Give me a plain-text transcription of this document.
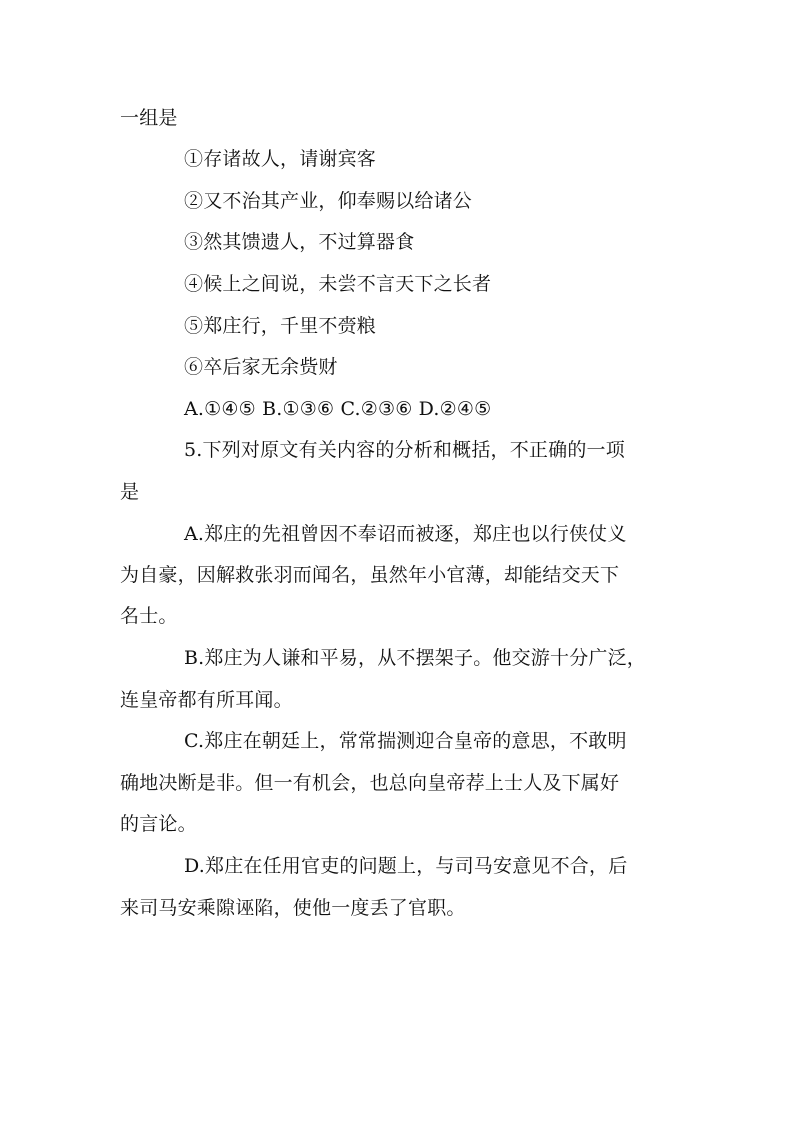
一组是
①存诸故人，请谢宾客
②又不治其产业，仰奉赐以给诸公
③然其馈遗人，不过算器食
④候上之间说，未尝不言天下之长者
⑤郑庄行，千里不赍粮
⑥卒后家无余赀财
A.①④⑤ B.①③⑥ C.②③⑥ D.②④⑤
5.下列对原文有关内容的分析和概括，不正确的一项
是
A.郑庄的先祖曾因不奉诏而被逐，郑庄也以行侠仗义
为自豪，因解救张羽而闻名，虽然年小官薄，却能结交天下
名士。
B.郑庄为人谦和平易，从不摆架子。他交游十分广泛，
连皇帝都有所耳闻。
C.郑庄在朝廷上，常常揣测迎合皇帝的意思，不敢明
确地决断是非。但一有机会，也总向皇帝荐上士人及下属好
的言论。
D.郑庄在任用官吏的问题上，与司马安意见不合，后
来司马安乘隙诬陷，使他一度丢了官职。
